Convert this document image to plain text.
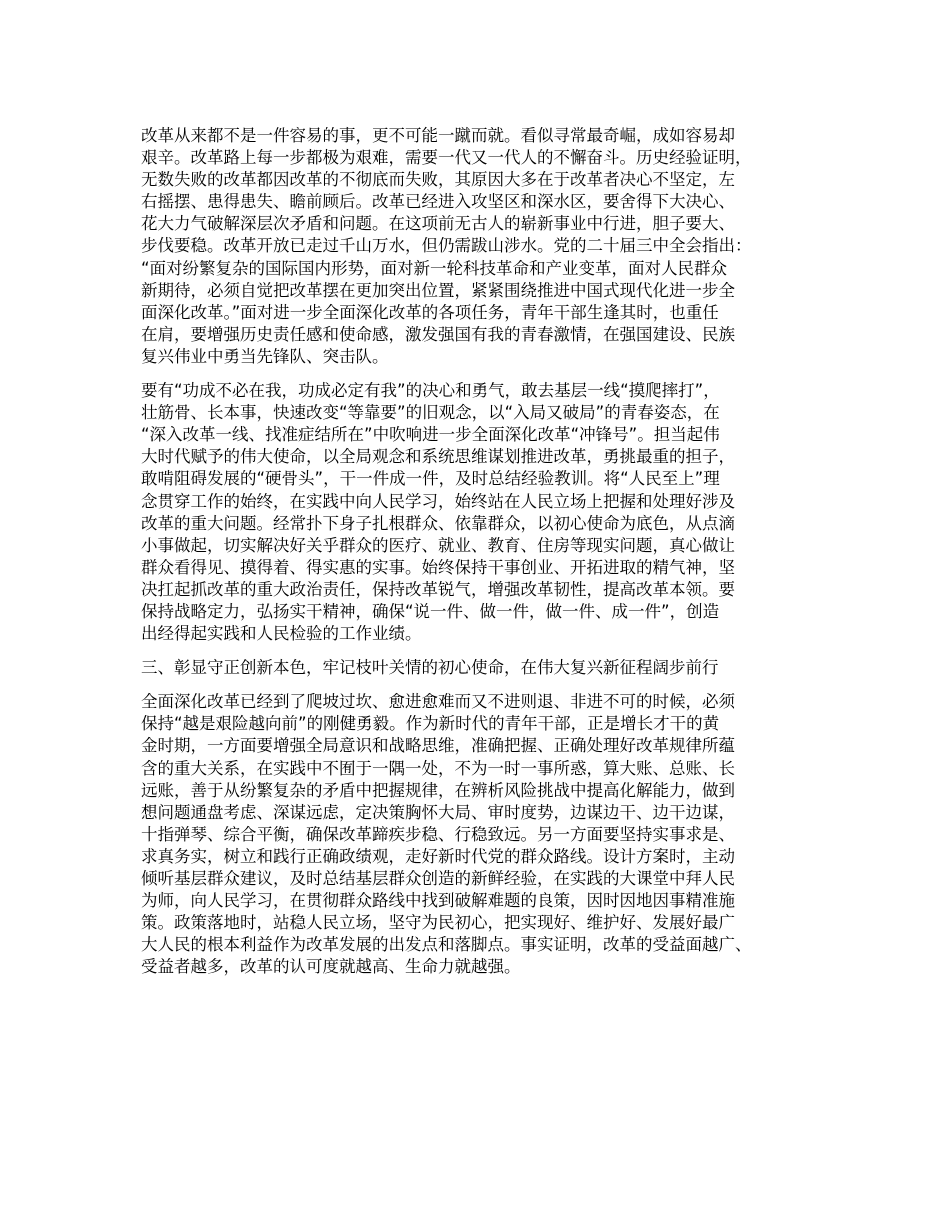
改革从来都不是一件容易的事，更不可能一蹴而就。看似寻常最奇崛，成如容易却
艰辛。改革路上每一步都极为艰难，需要一代又一代人的不懈奋斗。历史经验证明，
无数失败的改革都因改革的不彻底而失败，其原因大多在于改革者决心不坚定，左
右摇摆、患得患失、瞻前顾后。改革已经进入攻坚区和深水区，要舍得下大决心、
花大力气破解深层次矛盾和问题。在这项前无古人的崭新事业中行进，胆子要大、
步伐要稳。改革开放已走过千山万水，但仍需跋山涉水。党的二十届三中全会指出：
“面对纷繁复杂的国际国内形势，面对新一轮科技革命和产业变革，面对人民群众
新期待，必须自觉把改革摆在更加突出位置，紧紧围绕推进中国式现代化进一步全
面深化改革。”面对进一步全面深化改革的各项任务，青年干部生逢其时，也重任
在肩，要增强历史责任感和使命感，激发强国有我的青春激情，在强国建设、民族
复兴伟业中勇当先锋队、突击队。

要有“功成不必在我，功成必定有我”的决心和勇气，敢去基层一线“摸爬摔打”，
壮筋骨、长本事，快速改变“等靠要”的旧观念，以“入局又破局”的青春姿态，在
“深入改革一线、找准症结所在”中吹响进一步全面深化改革“冲锋号”。担当起伟
大时代赋予的伟大使命，以全局观念和系统思维谋划推进改革，勇挑最重的担子，
敢啃阻碍发展的“硬骨头”，干一件成一件，及时总结经验教训。将“人民至上”理
念贯穿工作的始终，在实践中向人民学习，始终站在人民立场上把握和处理好涉及
改革的重大问题。经常扑下身子扎根群众、依靠群众，以初心使命为底色，从点滴
小事做起，切实解决好关乎群众的医疗、就业、教育、住房等现实问题，真心做让
群众看得见、摸得着、得实惠的实事。始终保持干事创业、开拓进取的精气神，坚
决扛起抓改革的重大政治责任，保持改革锐气，增强改革韧性，提高改革本领。要
保持战略定力，弘扬实干精神，确保“说一件、做一件，做一件、成一件”，创造
出经得起实践和人民检验的工作业绩。

三、彰显守正创新本色，牢记枝叶关情的初心使命，在伟大复兴新征程阔步前行

全面深化改革已经到了爬坡过坎、愈进愈难而又不进则退、非进不可的时候，必须
保持“越是艰险越向前”的刚健勇毅。作为新时代的青年干部，正是增长才干的黄
金时期，一方面要增强全局意识和战略思维，准确把握、正确处理好改革规律所蕴
含的重大关系，在实践中不囿于一隅一处，不为一时一事所惑，算大账、总账、长
远账，善于从纷繁复杂的矛盾中把握规律，在辨析风险挑战中提高化解能力，做到
想问题通盘考虑、深谋远虑，定决策胸怀大局、审时度势，边谋边干、边干边谋，
十指弹琴、综合平衡，确保改革蹄疾步稳、行稳致远。另一方面要坚持实事求是、
求真务实，树立和践行正确政绩观，走好新时代党的群众路线。设计方案时，主动
倾听基层群众建议，及时总结基层群众创造的新鲜经验，在实践的大课堂中拜人民
为师，向人民学习，在贯彻群众路线中找到破解难题的良策，因时因地因事精准施
策。政策落地时，站稳人民立场，坚守为民初心，把实现好、维护好、发展好最广
大人民的根本利益作为改革发展的出发点和落脚点。事实证明，改革的受益面越广、
受益者越多，改革的认可度就越高、生命力就越强。
